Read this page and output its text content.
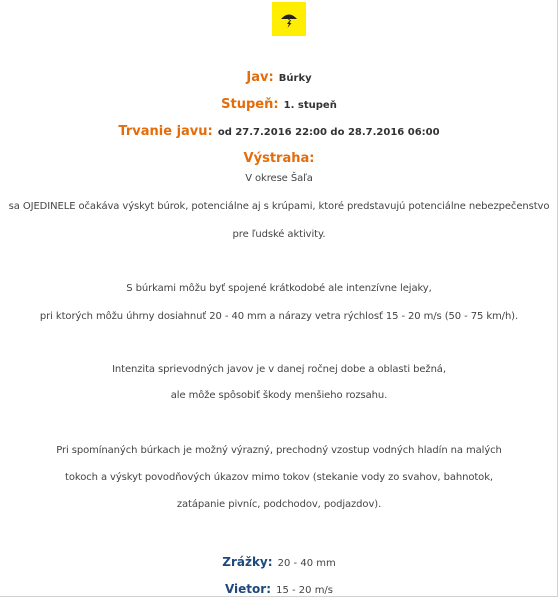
Jav: Búrky
Stupeň: 1. stupeň
Trvanie javu: od 27.7.2016 22:00 do 28.7.2016 06:00
Výstraha:
V okrese Šaľa
sa OJEDINELE očakáva výskyt búrok, potenciálne aj s krúpami, ktoré predstavujú potenciálne nebezpečenstvo
pre ľudské aktivity.
S búrkami môžu byť spojené krátkodobé ale intenzívne lejaky,
pri ktorých môžu úhrny dosiahnuť 20 - 40 mm a nárazy vetra rýchlosť 15 - 20 m/s (50 - 75 km/h).
Intenzita sprievodných javov je v danej ročnej dobe a oblasti bežná,
ale môže spôsobiť škody menšieho rozsahu.
Pri spomínaných búrkach je možný výrazný, prechodný vzostup vodných hladín na malých
tokoch a výskyt povodňových úkazov mimo tokov (stekanie vody zo svahov, bahnotok,
zatápanie pivníc, podchodov, podjazdov).
Zrážky: 20 - 40 mm
Vietor: 15 - 20 m/s
